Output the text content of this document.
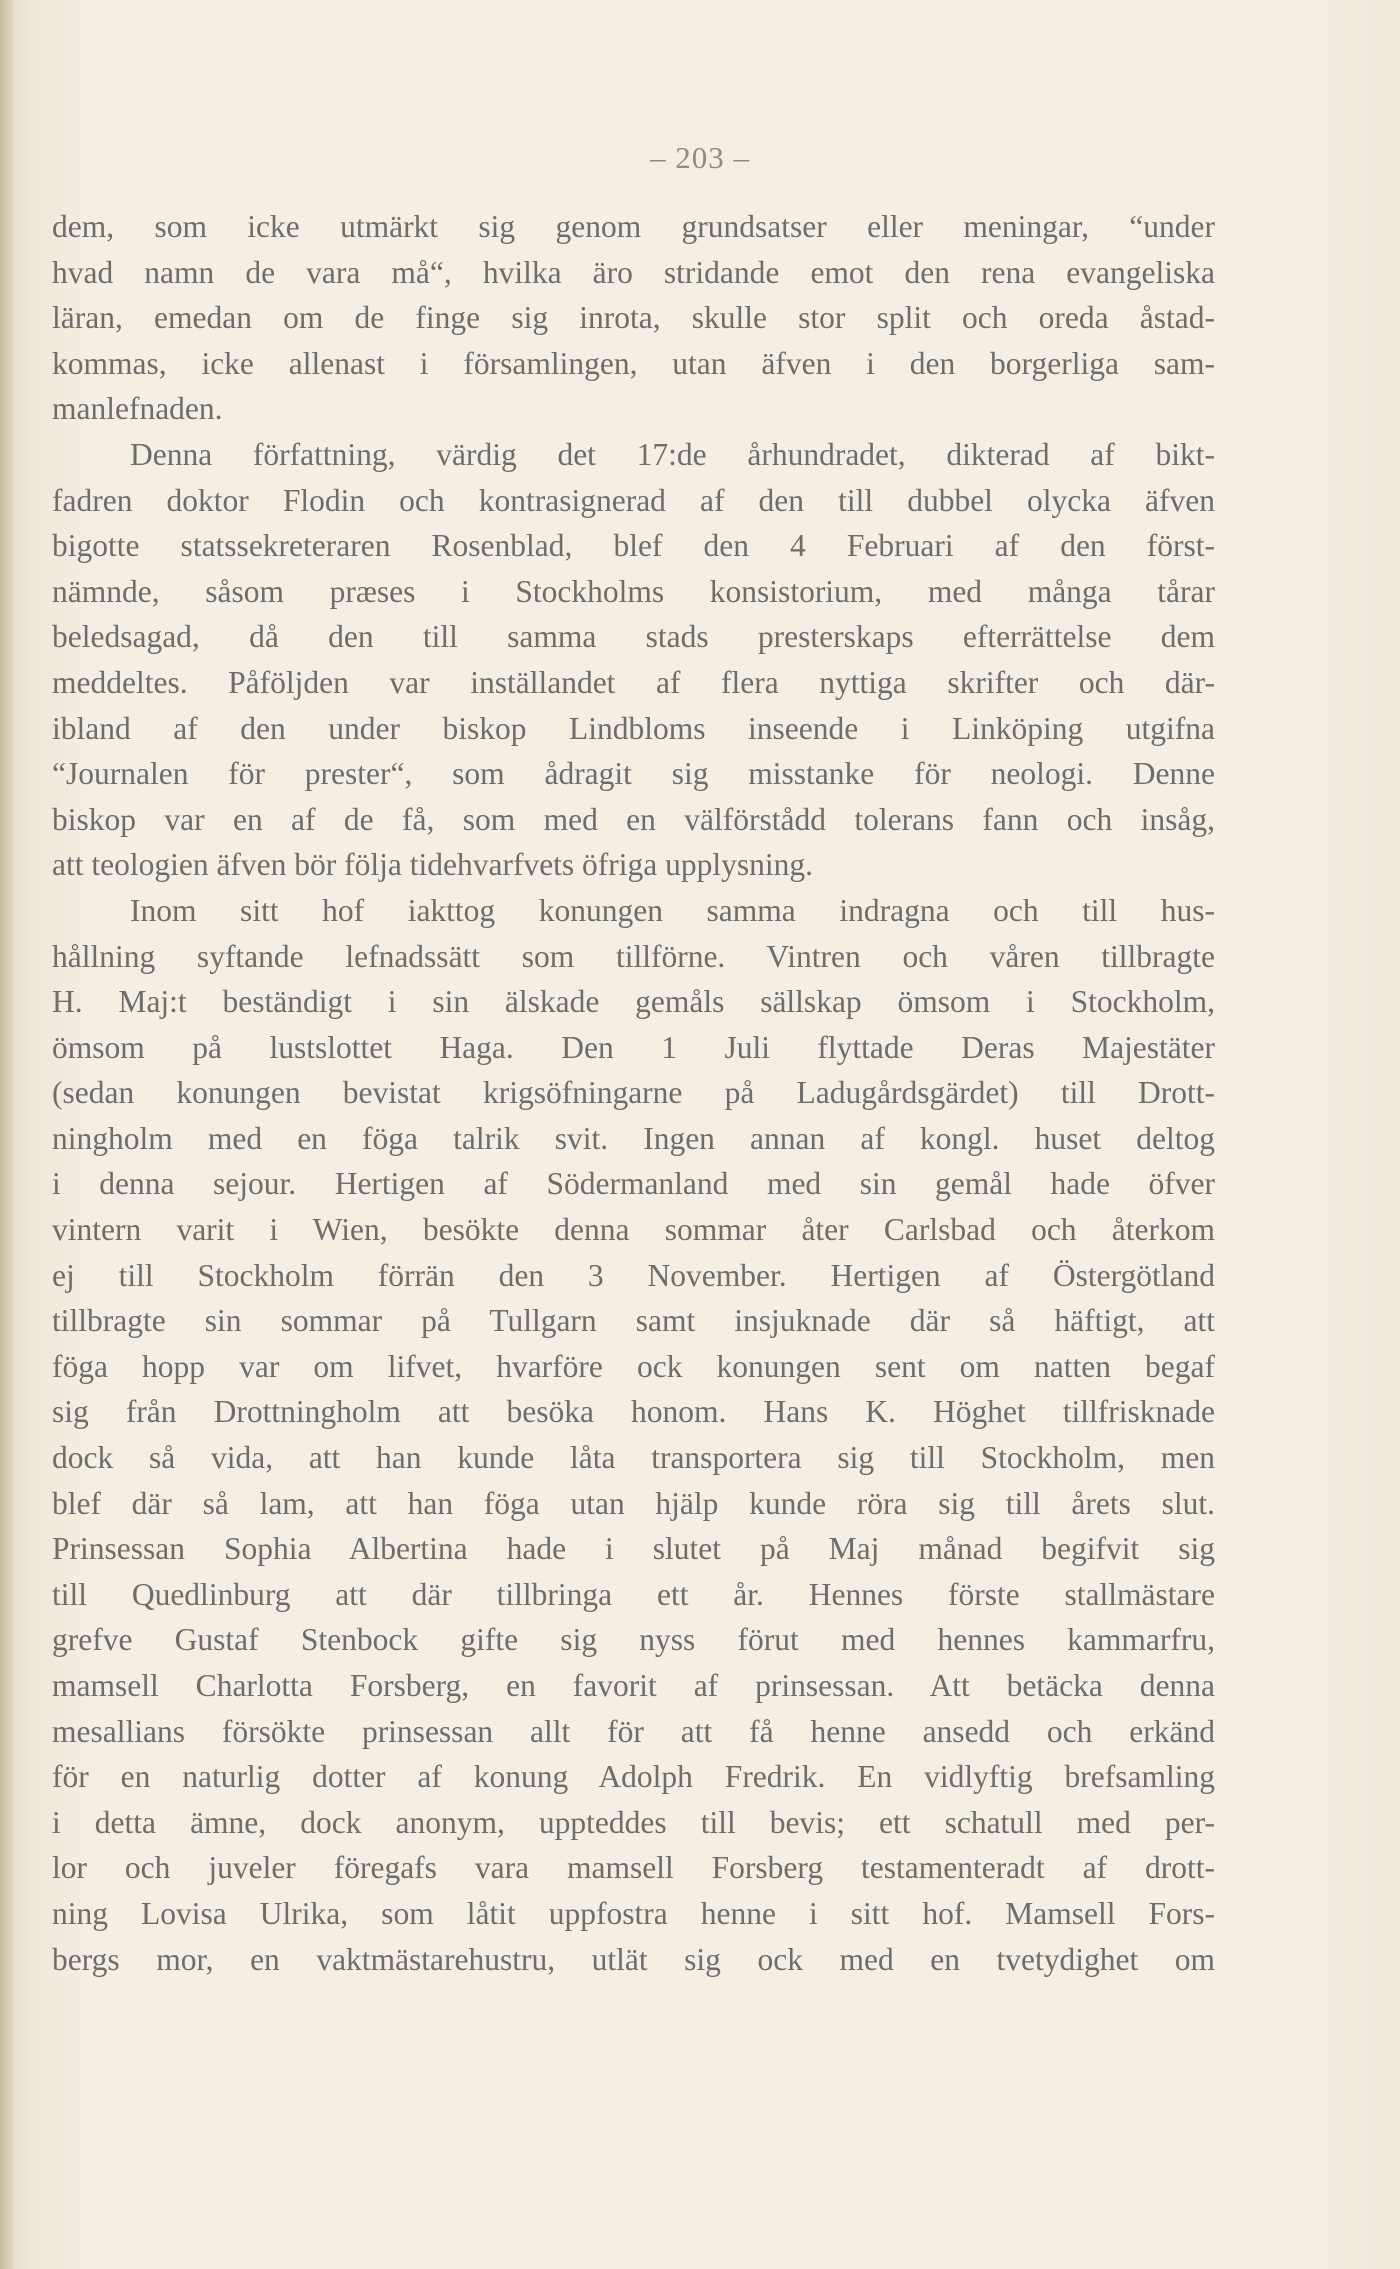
– 203 –
dem, som icke utmärkt sig genom grundsatser eller meningar, “under
hvad namn de vara må“, hvilka äro stridande emot den rena evangeliska
läran, emedan om de finge sig inrota, skulle stor split och oreda åstad-
kommas, icke allenast i församlingen, utan äfven i den borgerliga sam-
manlefnaden.
Denna författning, värdig det 17:de århundradet, dikterad af bikt-
fadren doktor Flodin och kontrasignerad af den till dubbel olycka äfven
bigotte statssekreteraren Rosenblad, blef den 4 Februari af den först-
nämnde, såsom præses i Stockholms konsistorium, med många tårar
beledsagad, då den till samma stads presterskaps efterrättelse dem
meddeltes. Påföljden var inställandet af flera nyttiga skrifter och där-
ibland af den under biskop Lindbloms inseende i Linköping utgifna
“Journalen för prester“, som ådragit sig misstanke för neologi. Denne
biskop var en af de få, som med en välförstådd tolerans fann och insåg,
att teologien äfven bör följa tidehvarfvets öfriga upplysning.
Inom sitt hof iakttog konungen samma indragna och till hus-
hållning syftande lefnadssätt som tillförne. Vintren och våren tillbragte
H. Maj:t beständigt i sin älskade gemåls sällskap ömsom i Stockholm,
ömsom på lustslottet Haga. Den 1 Juli flyttade Deras Majestäter
(sedan konungen bevistat krigsöfningarne på Ladugårdsgärdet) till Drott-
ningholm med en föga talrik svit. Ingen annan af kongl. huset deltog
i denna sejour. Hertigen af Södermanland med sin gemål hade öfver
vintern varit i Wien, besökte denna sommar åter Carlsbad och återkom
ej till Stockholm förrän den 3 November. Hertigen af Östergötland
tillbragte sin sommar på Tullgarn samt insjuknade där så häftigt, att
föga hopp var om lifvet, hvarföre ock konungen sent om natten begaf
sig från Drottningholm att besöka honom. Hans K. Höghet tillfrisknade
dock så vida, att han kunde låta transportera sig till Stockholm, men
blef där så lam, att han föga utan hjälp kunde röra sig till årets slut.
Prinsessan Sophia Albertina hade i slutet på Maj månad begifvit sig
till Quedlinburg att där tillbringa ett år. Hennes förste stallmästare
grefve Gustaf Stenbock gifte sig nyss förut med hennes kammarfru,
mamsell Charlotta Forsberg, en favorit af prinsessan. Att betäcka denna
mesallians försökte prinsessan allt för att få henne ansedd och erkänd
för en naturlig dotter af konung Adolph Fredrik. En vidlyftig brefsamling
i detta ämne, dock anonym, uppteddes till bevis; ett schatull med per-
lor och juveler föregafs vara mamsell Forsberg testamenteradt af drott-
ning Lovisa Ulrika, som låtit uppfostra henne i sitt hof. Mamsell Fors-
bergs mor, en vaktmästarehustru, utlät sig ock med en tvetydighet om
